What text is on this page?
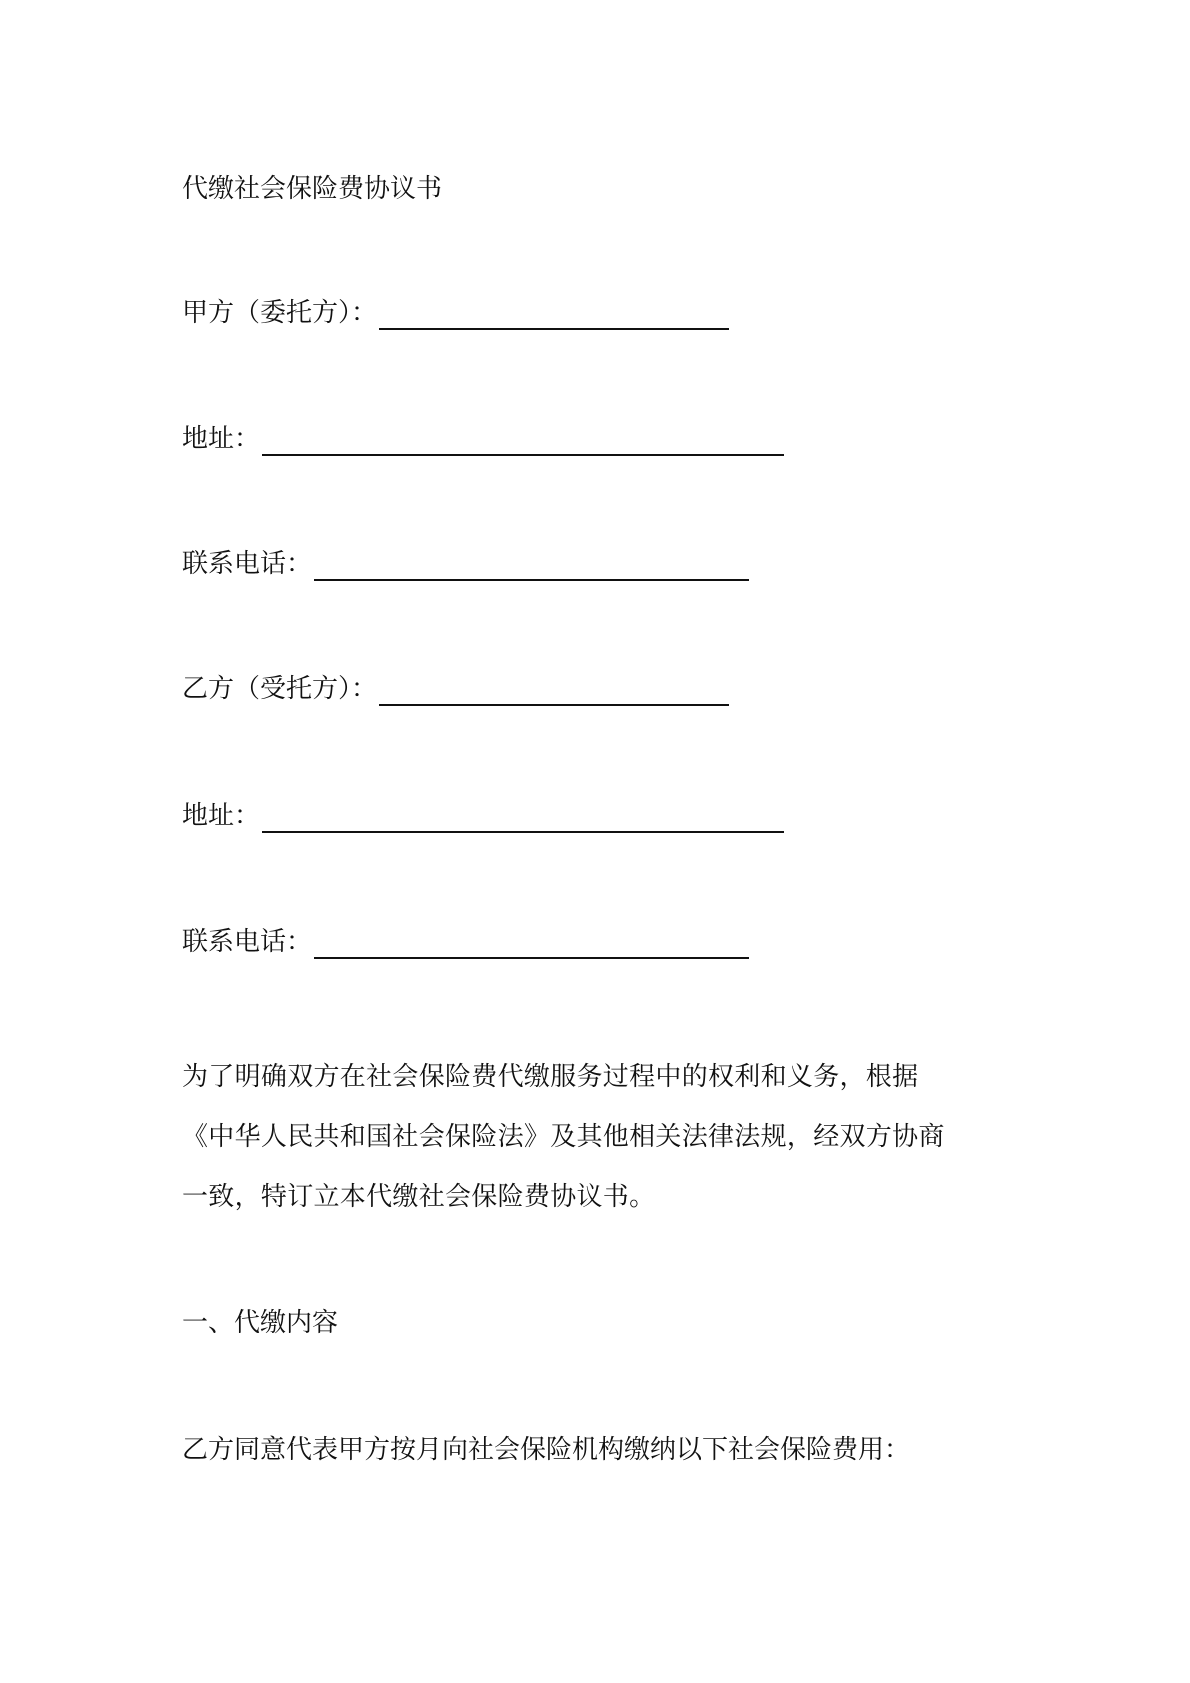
代缴社会保险费协议书
甲方（委托方）：
地址：
联系电话：
乙方（受托方）：
地址：
联系电话：
为了明确双方在社会保险费代缴服务过程中的权利和义务，根据
《中华人民共和国社会保险法》及其他相关法律法规，经双方协商
一致，特订立本代缴社会保险费协议书。
一、代缴内容
乙方同意代表甲方按月向社会保险机构缴纳以下社会保险费用：
